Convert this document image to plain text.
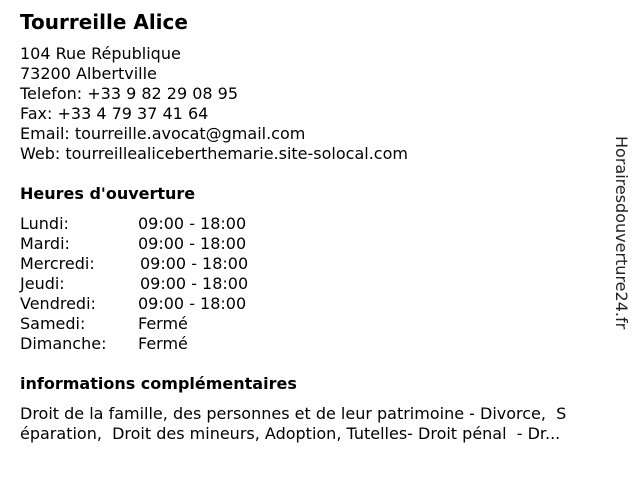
Tourreille Alice
104 Rue République
73200 Albertville
Telefon: +33 9 82 29 08 95
Fax: +33 4 79 37 41 64
Email: tourreille.avocat@gmail.com
Web: tourreillealiceberthemarie.site-solocal.com
Heures d'ouverture
Lundi:	09:00 - 18:00
Mardi:	09:00 - 18:00
Mercredi:	09:00 - 18:00
Jeudi:	09:00 - 18:00
Vendredi:	09:00 - 18:00
Samedi:	Fermé
Dimanche: Fermé
informations complémentaires
Droit de la famille, des personnes et de leur patrimoine - Divorce,  S
éparation,  Droit des mineurs, Adoption, Tutelles- Droit pénal  - Dr...
Horairesdouverture24.fr
